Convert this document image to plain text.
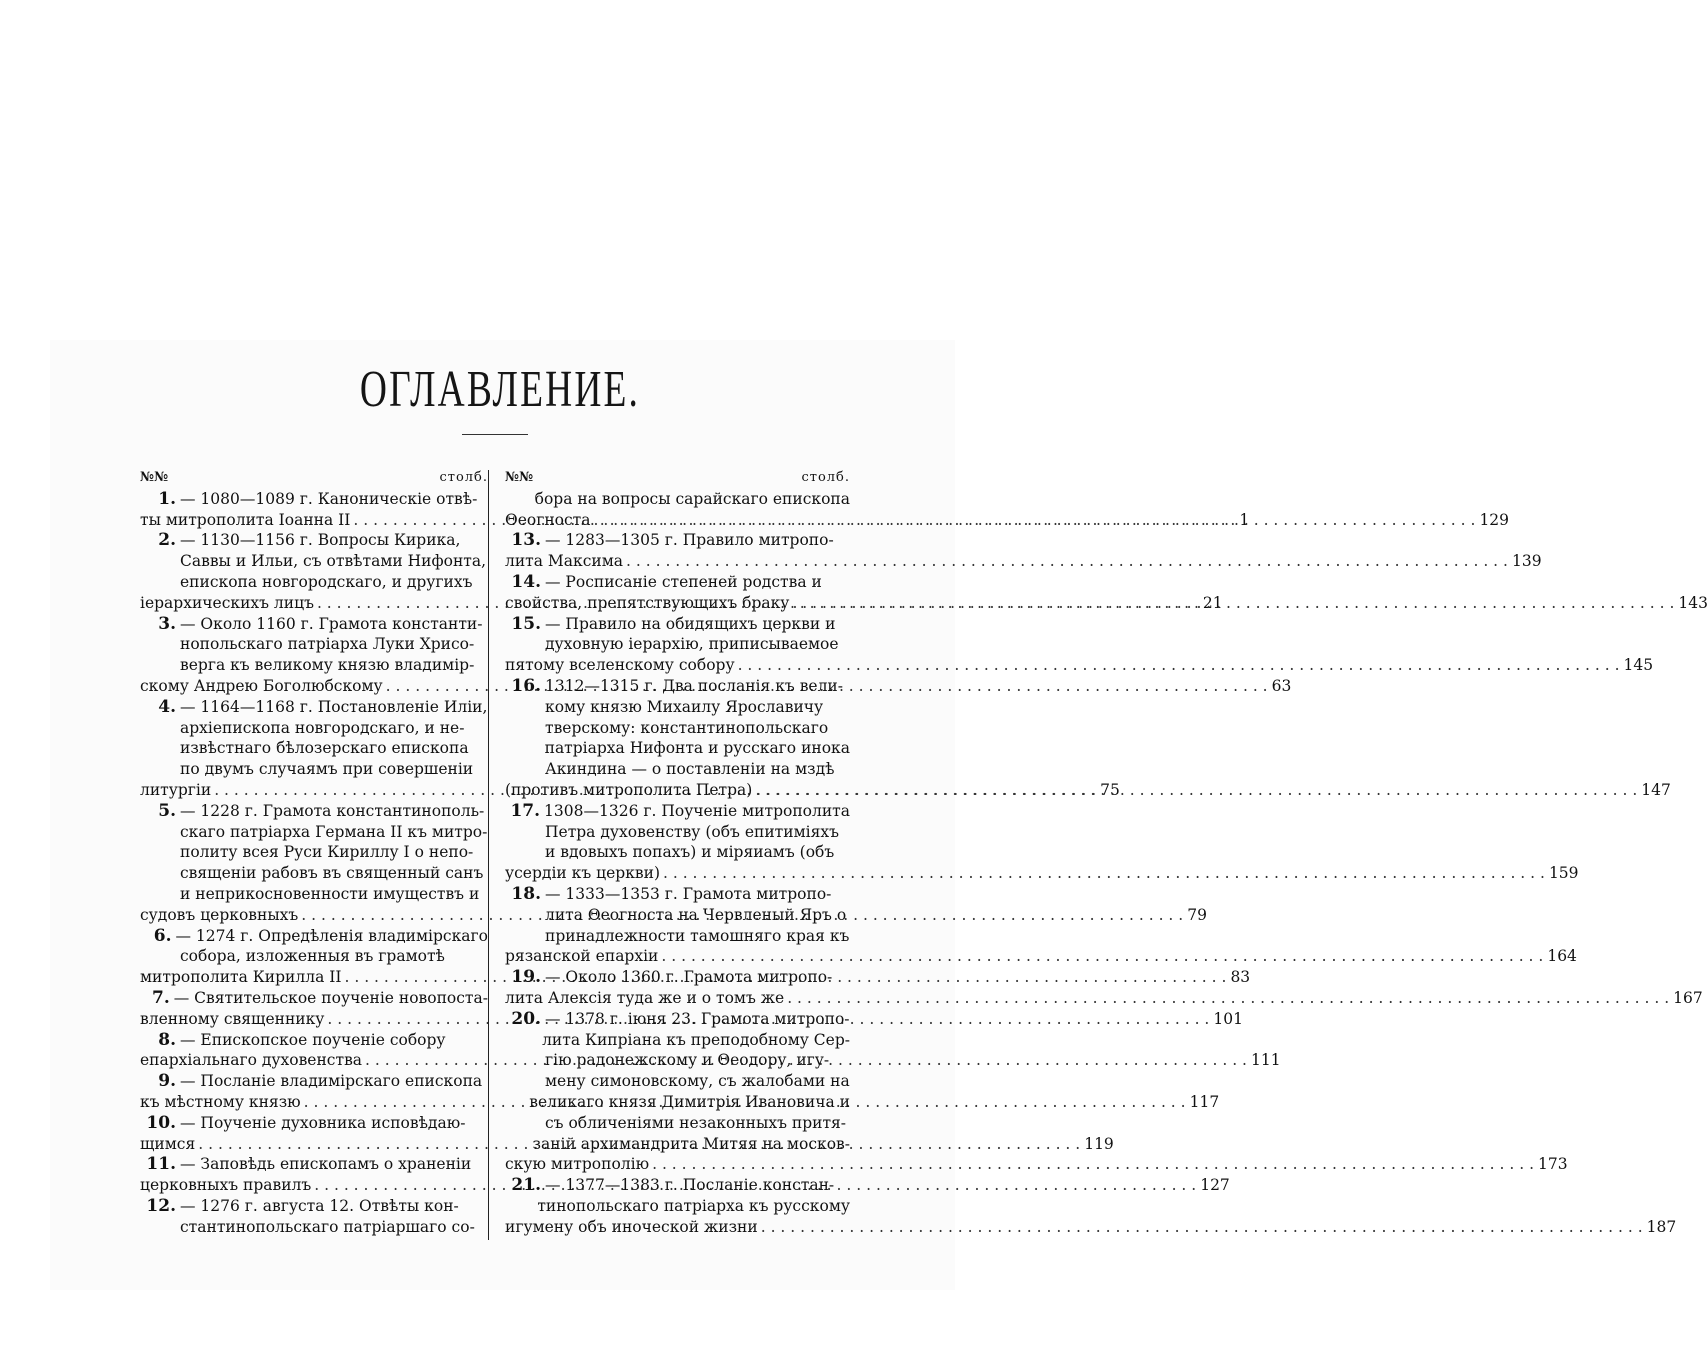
ОГЛАВЛЕНИЕ.
№№	столб.
1. — 1080—1089 г. Каноническіе отвѣ-
ты митрополита Іоанна II . . .	1
2. — 1130—1156 г. Вопросы Кирика,
Саввы и Ильи, съ отвѣтами Нифонта,
епископа новгородскаго, и другихъ
іерархическихъ лицъ . . .	21
3. — Около 1160 г. Грамота константи-
нопольскаго патріарха Луки Хрисо-
верга къ великому князю владимір-
скому Андрею Боголюбскому . . .	63
4. — 1164—1168 г. Постановленіе Иліи,
архіепископа новгородскаго, и не-
извѣстнаго бѣлозерскаго епископа
по двумъ случаямъ при совершеніи
литургіи . . .	75
5. — 1228 г. Грамота константинополь-
скаго патріарха Германа II къ митро-
политу всея Руси Кириллу I о непо-
священіи рабовъ въ священный санъ
и неприкосновенности имуществъ и
судовъ церковныхъ . . .	79
6. — 1274 г. Опредѣленія владимірскаго
собора, изложенныя въ грамотѣ
митрополита Кирилла II . . .	83
7. — Святительское поученіе новопоста-
вленному священнику . . .	101
8. — Епископское поученіе собору
епархіальнаго духовенства . . .	111
9. — Посланіе владимірскаго епископа
къ мѣстному князю . . .	117
10. — Поученіе духовника исповѣдаю-
щимся . . .	119
11. — Заповѣдь епископамъ о храненіи
церковныхъ правилъ . . .	127
12. — 1276 г. августа 12. Отвѣты кон-
стантинопольскаго патріаршаго со-
№№	столб.
бора на вопросы сарайскаго епископа
Θеогноста . . .	129
13. — 1283—1305 г. Правило митропо-
лита Максима . . .	139
14. — Росписаніе степеней родства и
свойства, препятствующихъ браку . . .	143
15. — Правило на обидящихъ церкви и
духовную іерархію, приписываемое
пятому вселенскому собору . . .	145
16. 1312—1315 г. Два посланія къ вели-
кому князю Михаилу Ярославичу
тверскому: константинопольскаго
патріарха Нифонта и русскаго инока
Акиндина — о поставленіи на мздѣ
(противъ митрополита Петра) . . .	147
17. 1308—1326 г. Поученіе митрополита
Петра духовенству (объ епитиміяхъ
и вдовыхъ попахъ) и міряиамъ (объ
усердіи къ церкви) . . .	159
18. — 1333—1353 г. Грамота митропо-
лита Θеогноста на Червленый Яръ о
принадлежности тамошняго края къ
рязанской епархіи . . .	164
19. — Около 1360 г. Грамота митропо-
лита Алексія туда же и о томъ же . . .	167
20. — 1378 г. іюня 23. Грамота митропо-
лита Кипріана къ преподобному Сер-
гію радонежскому и Θеодору, игу-
мену симоновскому, съ жалобами на
великаго князя Димитрія Ивановича и
съ обличеніями незаконныхъ притя-
заній архимандрита Митяя на москов-
скую митрополію . . .	173
21. — 1377—1383 г. Посланіе констан-
тинопольскаго патріарха къ русскому
игумену объ иноческой жизни . . .	187
